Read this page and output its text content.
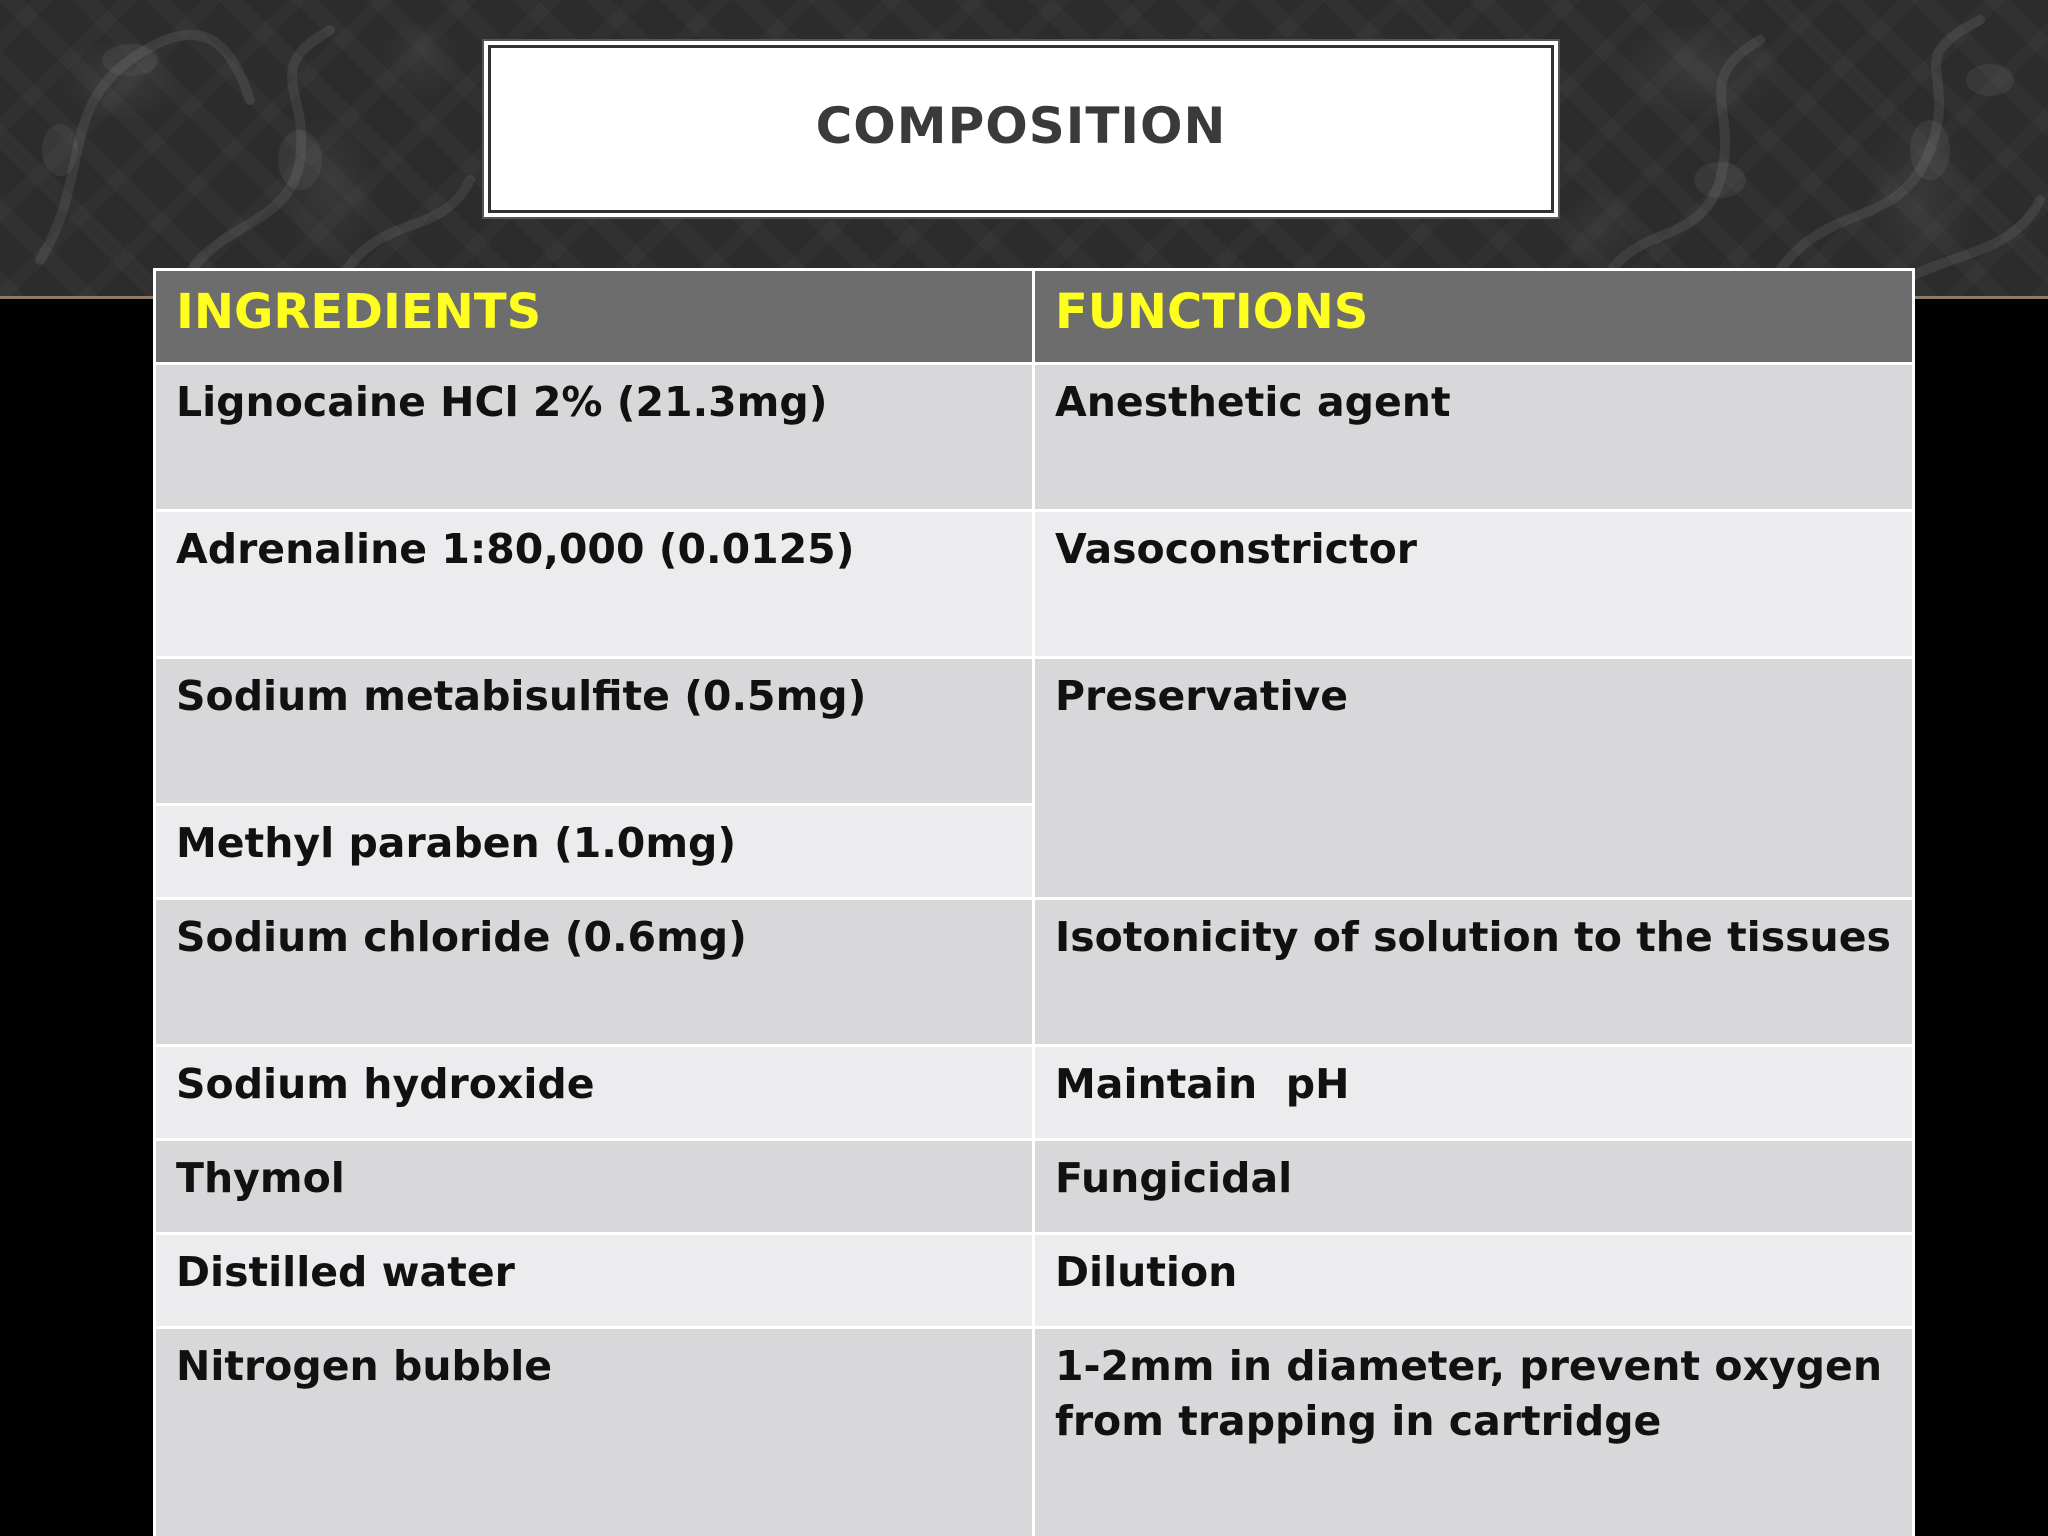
COMPOSITION
INGREDIENTS	FUNCTIONS
Lignocaine HCl 2% (21.3mg)	Anesthetic agent
Adrenaline 1:80,000 (0.0125)	Vasoconstrictor
Sodium metabisulfite (0.5mg)	Preservative
Methyl paraben (1.0mg)	
Sodium chloride (0.6mg)	Isotonicity of solution to the tissues
Sodium hydroxide	Maintain  pH
Thymol	Fungicidal
Distilled water	Dilution
Nitrogen bubble	1-2mm in diameter, prevent oxygen from trapping in cartridge
